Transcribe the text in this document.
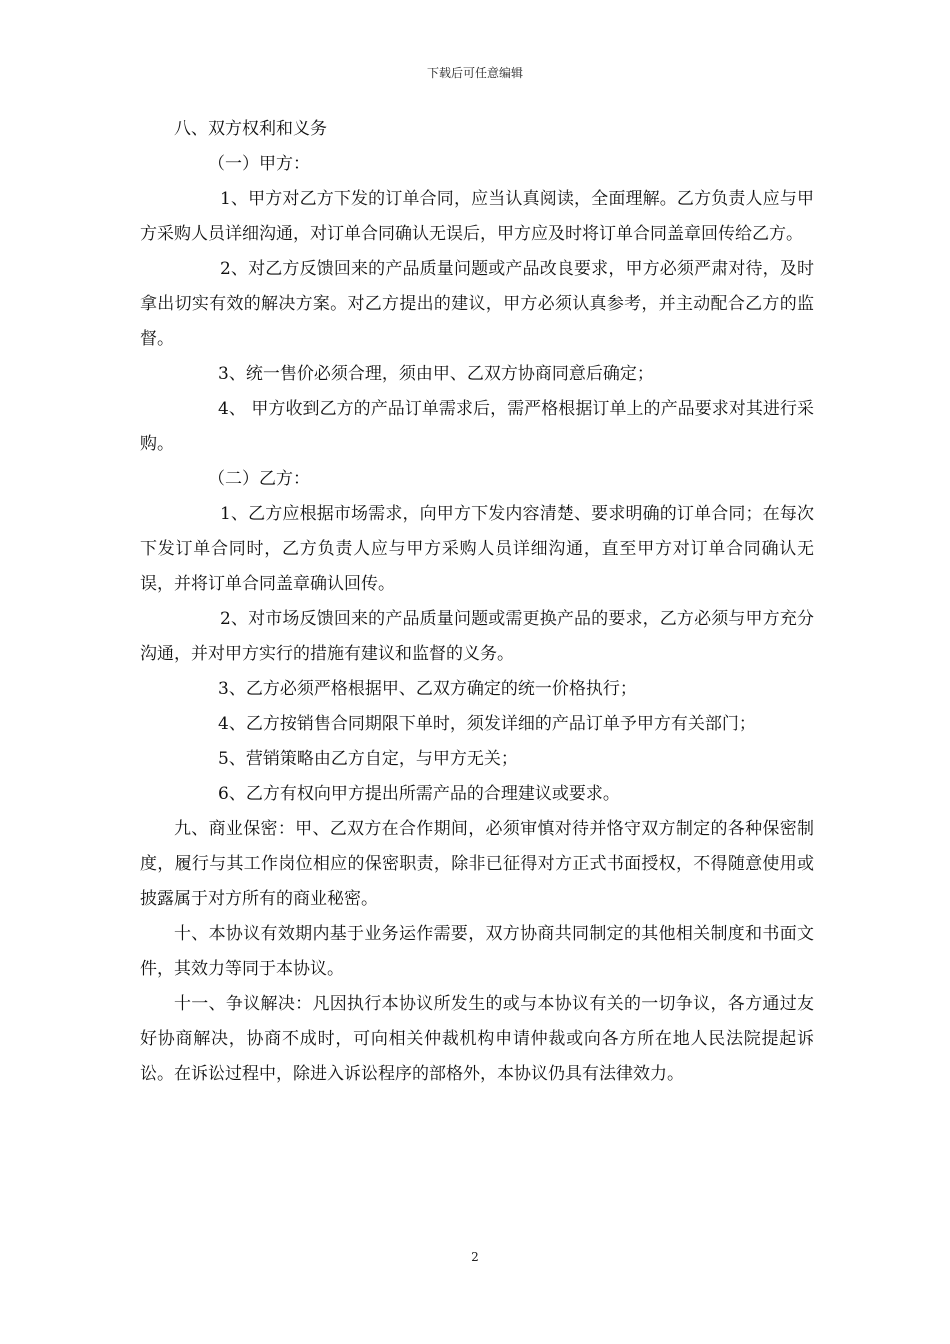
下载后可任意编辑

八、双方权利和义务

（一）甲方：

1、甲方对乙方下发的订单合同，应当认真阅读，全面理解。乙方负责人应与甲方采购人员详细沟通，对订单合同确认无误后，甲方应及时将订单合同盖章回传给乙方。

2、对乙方反馈回来的产品质量问题或产品改良要求，甲方必须严肃对待，及时拿出切实有效的解决方案。对乙方提出的建议，甲方必须认真参考，并主动配合乙方的监督。

3、统一售价必须合理，须由甲、乙双方协商同意后确定；

4、 甲方收到乙方的产品订单需求后，需严格根据订单上的产品要求对其进行采购。

（二）乙方：

1、乙方应根据市场需求，向甲方下发内容清楚、要求明确的订单合同；在每次下发订单合同时，乙方负责人应与甲方采购人员详细沟通，直至甲方对订单合同确认无误，并将订单合同盖章确认回传。

2、对市场反馈回来的产品质量问题或需更换产品的要求，乙方必须与甲方充分沟通，并对甲方实行的措施有建议和监督的义务。

3、乙方必须严格根据甲、乙双方确定的统一价格执行；

4、乙方按销售合同期限下单时，须发详细的产品订单予甲方有关部门；

5、营销策略由乙方自定，与甲方无关；

6、乙方有权向甲方提出所需产品的合理建议或要求。

九、商业保密：甲、乙双方在合作期间，必须审慎对待并恪守双方制定的各种保密制度，履行与其工作岗位相应的保密职责，除非已征得对方正式书面授权，不得随意使用或披露属于对方所有的商业秘密。

十、本协议有效期内基于业务运作需要，双方协商共同制定的其他相关制度和书面文件，其效力等同于本协议。

十一、争议解决：凡因执行本协议所发生的或与本协议有关的一切争议，各方通过友好协商解决，协商不成时，可向相关仲裁机构申请仲裁或向各方所在地人民法院提起诉讼。在诉讼过程中，除进入诉讼程序的部格外，本协议仍具有法律效力。

2
